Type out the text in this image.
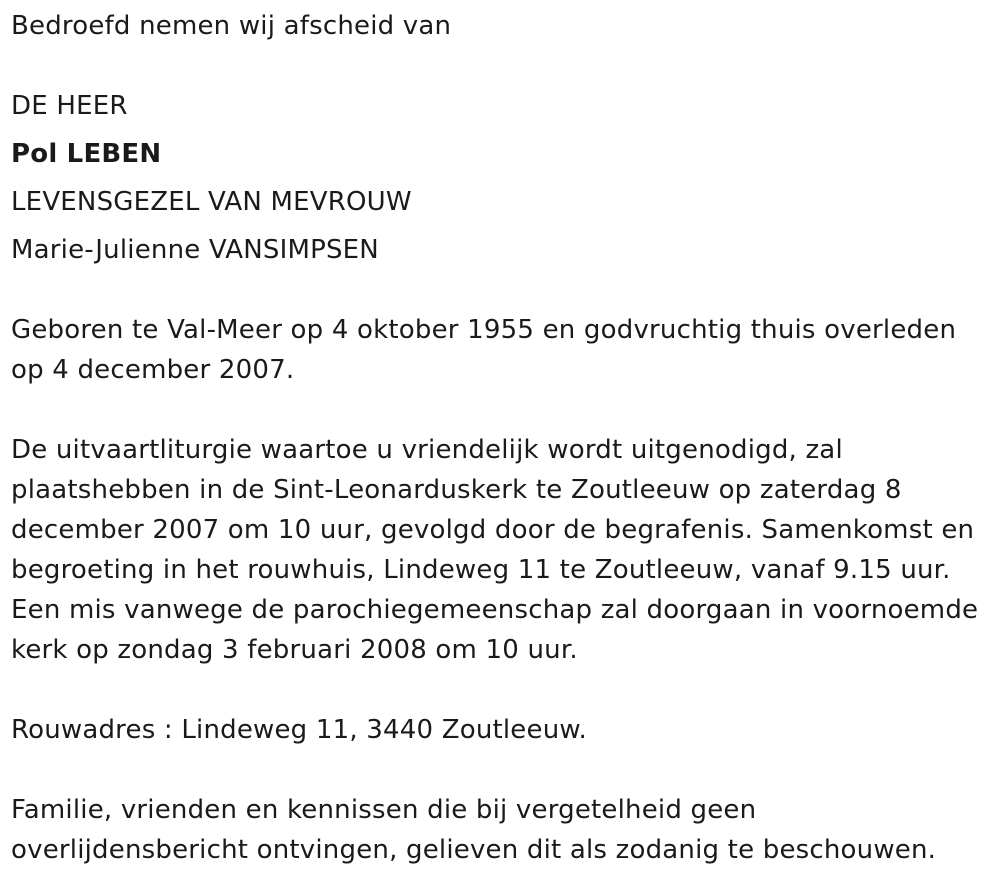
Bedroefd nemen wij afscheid van
DE HEER
Pol LEBEN
LEVENSGEZEL VAN MEVROUW
Marie-Julienne VANSIMPSEN
Geboren te Val-Meer op 4 oktober 1955 en godvruchtig thuis overleden
op 4 december 2007.
De uitvaartliturgie waartoe u vriendelijk wordt uitgenodigd, zal
plaatshebben in de Sint-Leonarduskerk te Zoutleeuw op zaterdag 8
december 2007 om 10 uur, gevolgd door de begrafenis. Samenkomst en
begroeting in het rouwhuis, Lindeweg 11 te Zoutleeuw, vanaf 9.15 uur.
Een mis vanwege de parochiegemeenschap zal doorgaan in voornoemde
kerk op zondag 3 februari 2008 om 10 uur.
Rouwadres : Lindeweg 11, 3440 Zoutleeuw.
Familie, vrienden en kennissen die bij vergetelheid geen
overlijdensbericht ontvingen, gelieven dit als zodanig te beschouwen.
